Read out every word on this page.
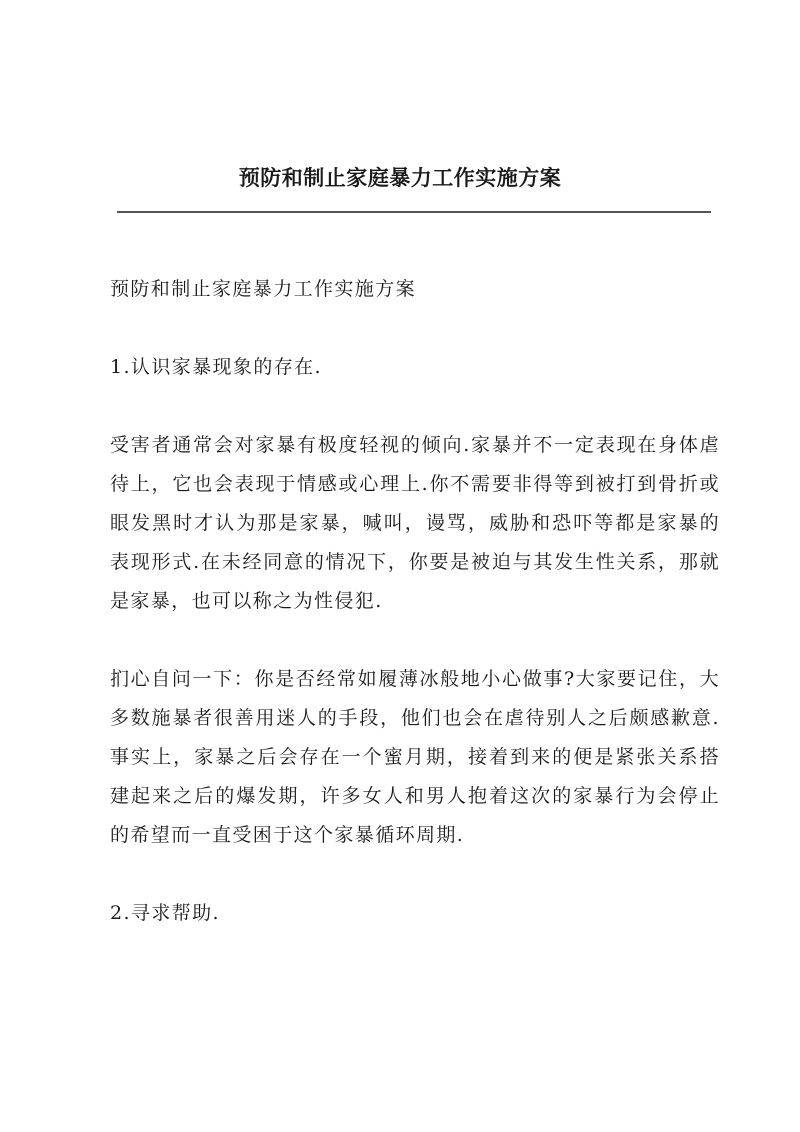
预防和制止家庭暴力工作实施方案

预防和制止家庭暴力工作实施方案

1.认识家暴现象的存在.

受害者通常会对家暴有极度轻视的倾向.家暴并不一定表现在身体虐待上，它也会表现于情感或心理上.你不需要非得等到被打到骨折或眼发黑时才认为那是家暴，喊叫，谩骂，威胁和恐吓等都是家暴的表现形式.在未经同意的情况下，你要是被迫与其发生性关系，那就是家暴，也可以称之为性侵犯.

扪心自问一下：你是否经常如履薄冰般地小心做事?大家要记住，大多数施暴者很善用迷人的手段，他们也会在虐待别人之后颇感歉意.事实上，家暴之后会存在一个蜜月期，接着到来的便是紧张关系搭建起来之后的爆发期，许多女人和男人抱着这次的家暴行为会停止的希望而一直受困于这个家暴循环周期.

2.寻求帮助.
